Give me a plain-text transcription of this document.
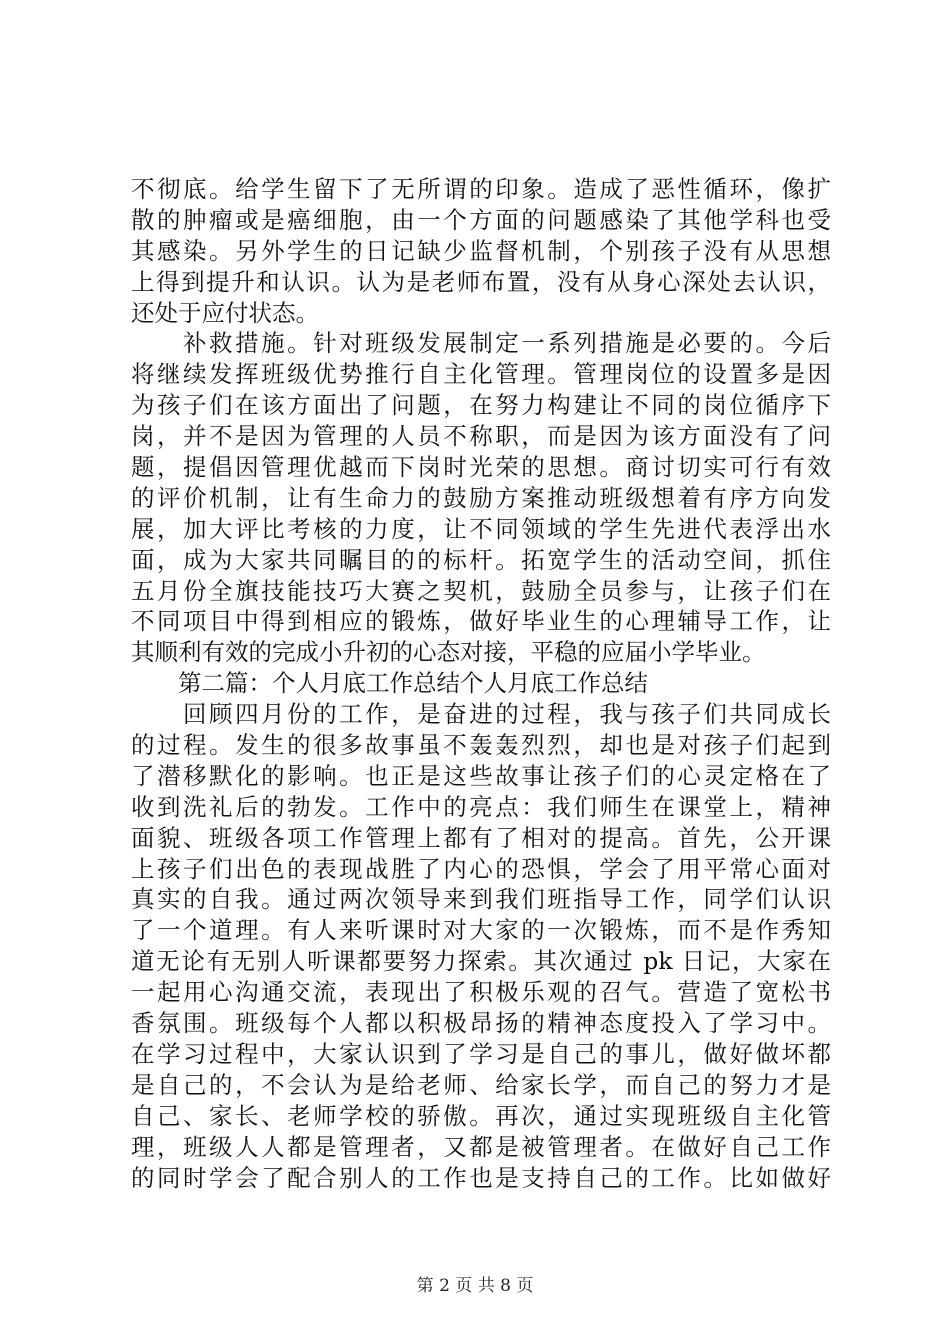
不彻底。给学生留下了无所谓的印象。造成了恶性循环，像扩
散的肿瘤或是癌细胞，由一个方面的问题感染了其他学科也受
其感染。另外学生的日记缺少监督机制，个别孩子没有从思想
上得到提升和认识。认为是老师布置，没有从身心深处去认识，
还处于应付状态。
　　补救措施。针对班级发展制定一系列措施是必要的。今后
将继续发挥班级优势推行自主化管理。管理岗位的设置多是因
为孩子们在该方面出了问题，在努力构建让不同的岗位循序下
岗，并不是因为管理的人员不称职，而是因为该方面没有了问
题，提倡因管理优越而下岗时光荣的思想。商讨切实可行有效
的评价机制，让有生命力的鼓励方案推动班级想着有序方向发
展，加大评比考核的力度，让不同领域的学生先进代表浮出水
面，成为大家共同瞩目的的标杆。拓宽学生的活动空间，抓住
五月份全旗技能技巧大赛之契机，鼓励全员参与，让孩子们在
不同项目中得到相应的锻炼，做好毕业生的心理辅导工作，让
其顺利有效的完成小升初的心态对接，平稳的应届小学毕业。
　　第二篇：个人月底工作总结个人月底工作总结
　　回顾四月份的工作，是奋进的过程，我与孩子们共同成长
的过程。发生的很多故事虽不轰轰烈烈，却也是对孩子们起到
了潜移默化的影响。也正是这些故事让孩子们的心灵定格在了
收到洗礼后的勃发。工作中的亮点：我们师生在课堂上，精神
面貌、班级各项工作管理上都有了相对的提高。首先，公开课
上孩子们出色的表现战胜了内心的恐惧，学会了用平常心面对
真实的自我。通过两次领导来到我们班指导工作，同学们认识
了一个道理。有人来听课时对大家的一次锻炼，而不是作秀知
道无论有无别人听课都要努力探索。其次通过 pk 日记，大家在
一起用心沟通交流，表现出了积极乐观的召气。营造了宽松书
香氛围。班级每个人都以积极昂扬的精神态度投入了学习中。
在学习过程中，大家认识到了学习是自己的事儿，做好做坏都
是自己的，不会认为是给老师、给家长学，而自己的努力才是
自己、家长、老师学校的骄傲。再次，通过实现班级自主化管
理，班级人人都是管理者，又都是被管理者。在做好自己工作
的同时学会了配合别人的工作也是支持自己的工作。比如做好
第 2 页 共 8 页
